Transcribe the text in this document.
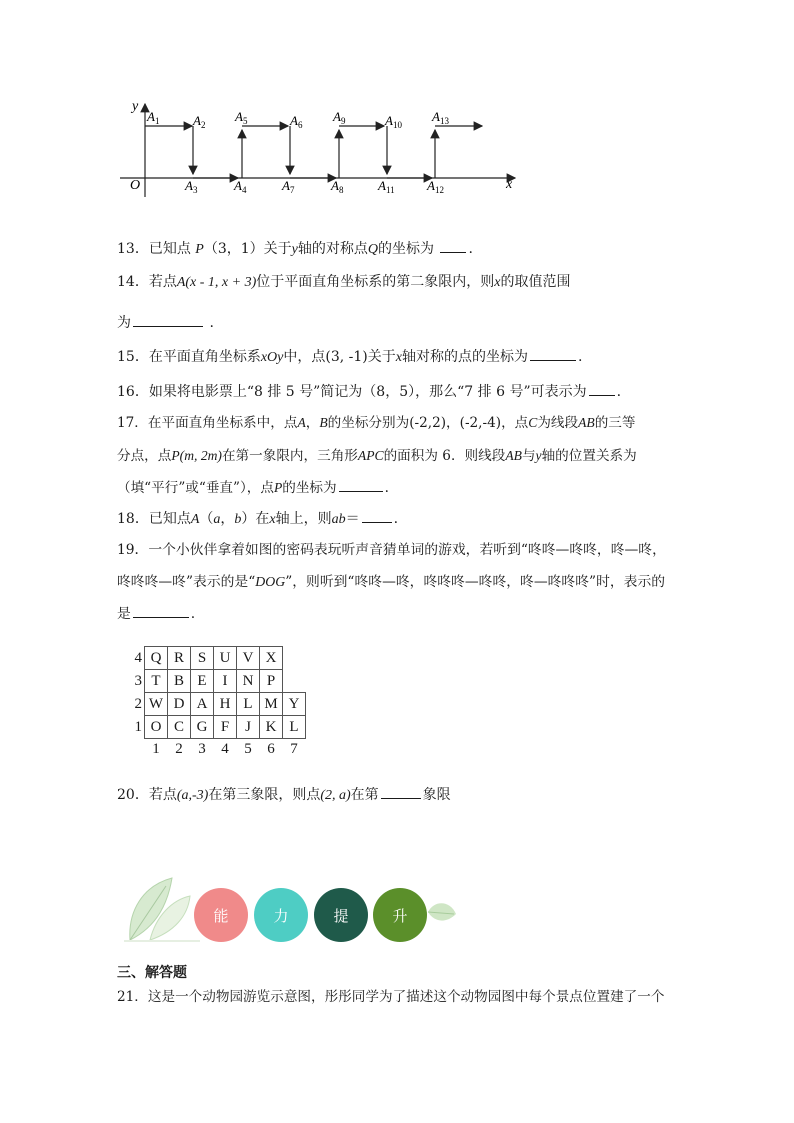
y
x
O
$A_1$	$A_2$
$A_5$	$A_6$
$A_9$	$A_{10}$
$A_{13}$
$A_3$	$A_4$	$A_7$	$A_8$	$A_{11}$ $A_{12}$
13．已知点 P（3，1）关于y轴的对称点Q的坐标为 .
14．若点A(x - 1, x + 3)位于平面直角坐标系的第二象限内，则x的取值范围
为	.
15．在平面直角坐标系xOy中，点(3, -1)关于x轴对称的点的坐标为	.
16．如果将电影票上“8 排 5 号”简记为（8，5），那么“7 排 6 号”可表示为 .
17．在平面直角坐标系中，点A，B的坐标分别为(-2,2)，(-2,-4)，点C为线段AB的三等
分点，点P(m, 2m)在第一象限内，三角形APC的面积为 6．则线段AB与y轴的位置关系为
（填“平行”或“垂直”），点P的坐标为	.
18．已知点A（a，b）在x轴上，则ab＝ .
19．一个小伙伴拿着如图的密码表玩听声音猜单词的游戏，若听到“咚咚—咚咚，咚—咚，
咚咚咚—咚”表示的是“DOG”，则听到“咚咚—咚，咚咚咚—咚咚，咚—咚咚咚”时，表示的
是	.
4	Q	R	S	U	V	X	
3	T	B	E	I	N	P	
2	W	D	A	H	L	M	Y
1	O	C	G	F	J	K	L
	1	2	3	4	5	6	7
20．若点(a,-3)在第三象限，则点(2, a)在第	象限
能	力	提	升
三、解答题
21．这是一个动物园游览示意图，彤彤同学为了描述这个动物园图中每个景点位置建了一个
